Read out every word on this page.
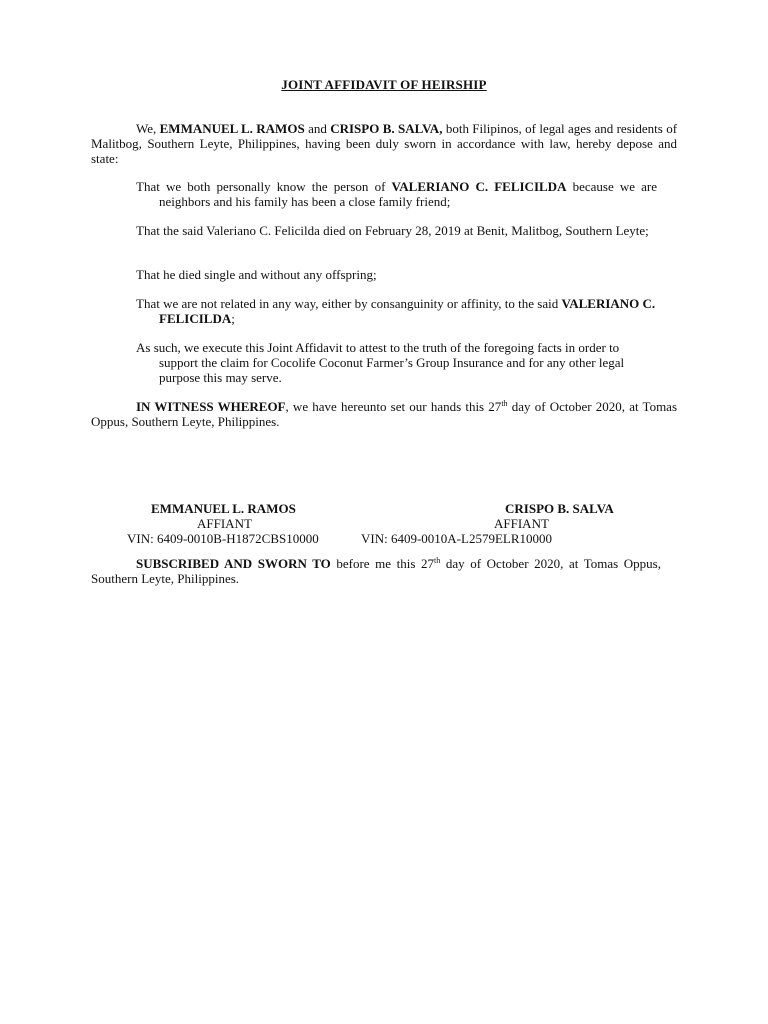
JOINT AFFIDAVIT OF HEIRSHIP
We, EMMANUEL L. RAMOS and CRISPO B. SALVA, both Filipinos, of legal ages and residents of Malitbog, Southern Leyte, Philippines, having been duly sworn in accordance with law, hereby depose and state:
That we both personally know the person of VALERIANO C. FELICILDA because we are neighbors and his family has been a close family friend;
That the said Valeriano C. Felicilda died on February 28, 2019 at Benit, Malitbog, Southern Leyte;
That he died single and without any offspring;
That we are not related in any way, either by consanguinity or affinity, to the said VALERIANO C. FELICILDA;
As such, we execute this Joint Affidavit to attest to the truth of the foregoing facts in order to support the claim for Cocolife Coconut Farmer’s Group Insurance and for any other legal purpose this may serve.
IN WITNESS WHEREOF, we have hereunto set our hands this 27th day of October 2020, at Tomas Oppus, Southern Leyte, Philippines.
EMMANUEL L. RAMOS
AFFIANT
VIN: 6409-0010B-H1872CBS10000
CRISPO B. SALVA
AFFIANT
VIN: 6409-0010A-L2579ELR10000
SUBSCRIBED AND SWORN TO before me this 27th day of October 2020, at Tomas Oppus, Southern Leyte, Philippines.
